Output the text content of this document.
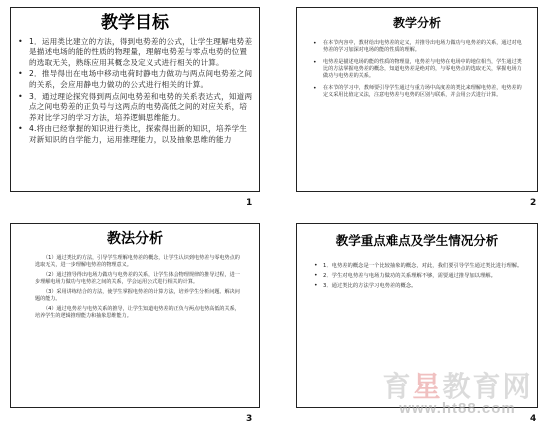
教学目标
• 1．运用类比建立的方法，得到电势差的公式，让学生理解电势差是描述电场的能的性质的物理量，理解电势差与零点电势的位置的选取无关，熟练应用其概念及定义式进行相关的计算。
• 2．推导得出在电场中移动电荷时静电力做功与两点间电势差之间的关系，会应用静电力做功的公式进行相关的计算。
• 3．通过理论探究得到两点间电势差和电势的关系表达式，知道两点之间电势差的正负号与这两点的电势高低之间的对应关系，培养对比学习的学习方法，培养逻辑思维能力。
• 4.将由已经掌握的知识进行类比，探索得出新的知识，培养学生对新知识的自学能力，运用推理能力，以及抽象思维的能力
1
教学分析
• 在本节内容中，教材给出电势差的定义，并推导出电场力做功与电势差的关系，通过对电势差的学习加深对电场的能的性质的理解。
• 电势差是描述电场的能的性质的物理量，电势差与电势在电场中的地位相当，学生通过类比的方法掌握电势差的概念，知道电势差是绝对的，与零电势点的选取无关，掌握电场力做功与电势差的关系。
• 在本节的学习中，教师要引导学生通过与重力场中高度差的类比来理解电势差，电势差的定义采用比值定义法，注意电势差与电势的区别与联系，并会用公式进行计算。
2
教法分析

（1）通过类比的方法，引导学生理解电势差的概念，让学生认识到电势差与零电势点的选取无关，进一步理解电势差的物理意义。

（2）通过推导得出电场力做功与电势差的关系，让学生体会物理规律的推导过程，进一步理解电场力做功与电势差之间的关系，学会运用公式进行相关的计算。

（3）采用讲练结合的方法，使学生掌握电势差的计算方法，培养学生分析问题、解决问题的能力。

（4）通过电势差与电势关系的推导，让学生知道电势差的正负与两点电势高低的关系，培养学生的逻辑推理能力和抽象思维能力。

3
教学重点难点及学生情况分析
• 1．电势差的概念是一个比较抽象的概念，对此，我们要引导学生通过类比进行理解。
• 2．学生对电势差与电场力做功的关系理解不够，需要通过推导加以理解。
• 3．通过类比的方法学习电势差的概念。
4
育星教育网
www.ht88.com
